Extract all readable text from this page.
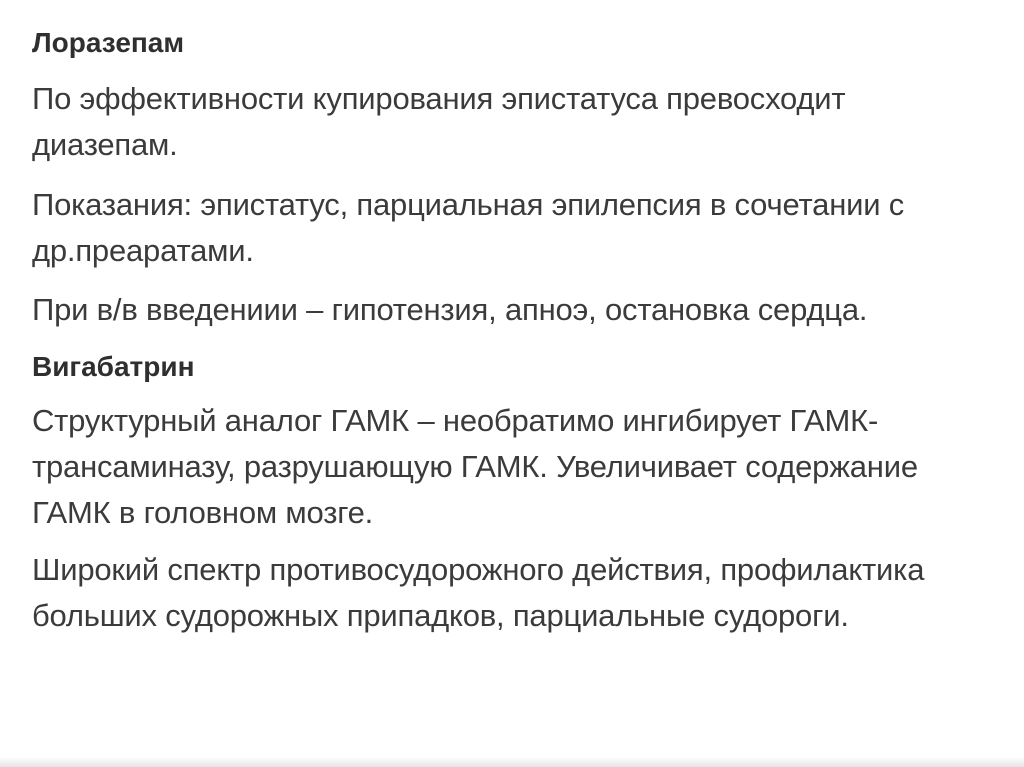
Лоразепам

По эффективности купирования эпистатуса превосходит диазепам.

Показания: эпистатус, парциальная эпилепсия в сочетании с др.преаратами.

При в/в введениии – гипотензия, апноэ, остановка сердца.

Вигабатрин

Структурный аналог ГАМК – необратимо ингибирует ГАМК-трансаминазу, разрушающую ГАМК. Увеличивает содержание ГАМК в головном мозге.

Широкий спектр противосудорожного действия, профилактика больших судорожных припадков, парциальные судороги.
